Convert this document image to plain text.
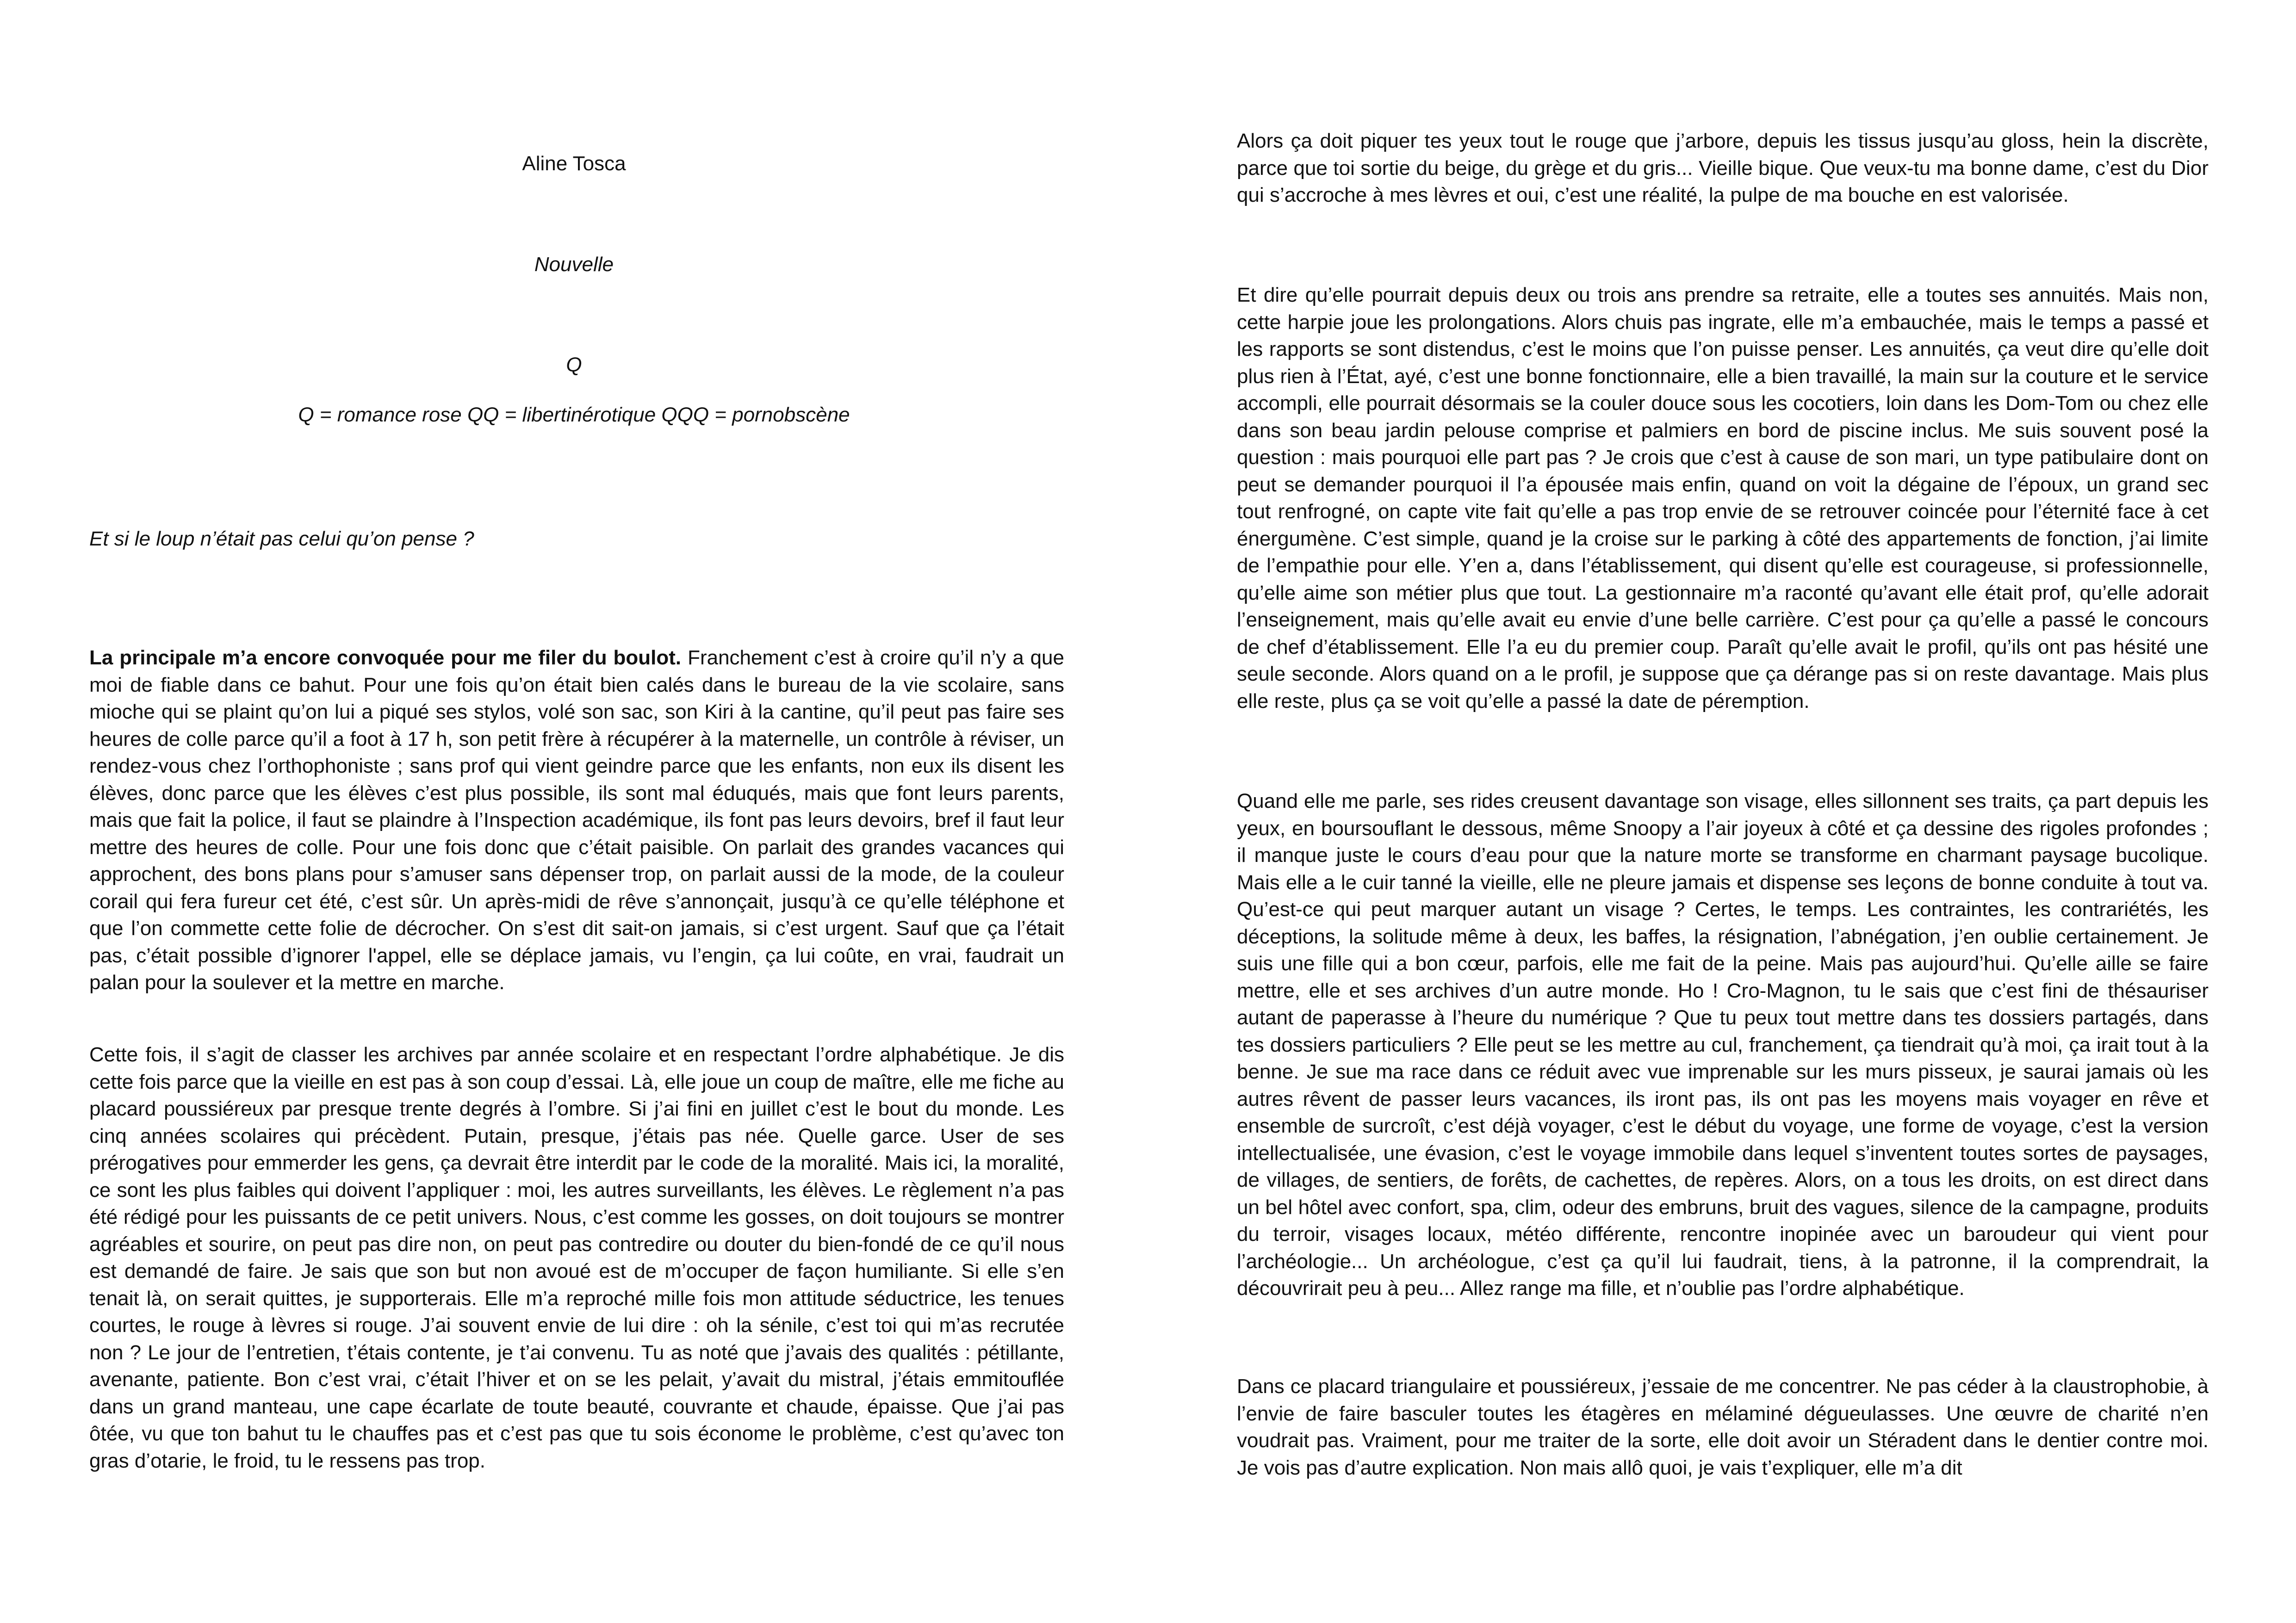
Aline Tosca
Nouvelle
Q
Q = romance rose QQ = libertinérotique QQQ = pornobscène
Et si le loup n’était pas celui qu’on pense ?

La principale m’a encore convoquée pour me filer du boulot. Franchement c’est à croire qu’il n’y a que moi de fiable dans ce bahut. Pour une fois qu’on était bien calés dans le bureau de la vie scolaire, sans mioche qui se plaint qu’on lui a piqué ses stylos, volé son sac, son Kiri à la cantine, qu’il peut pas faire ses heures de colle parce qu’il a foot à 17 h, son petit frère à récupérer à la maternelle, un contrôle à réviser, un rendez-vous chez l’orthophoniste ; sans prof qui vient geindre parce que les enfants, non eux ils disent les élèves, donc parce que les élèves c’est plus possible, ils sont mal éduqués, mais que font leurs parents, mais que fait la police, il faut se plaindre à l’Inspection académique, ils font pas leurs devoirs, bref il faut leur mettre des heures de colle. Pour une fois donc que c’était paisible. On parlait des grandes vacances qui approchent, des bons plans pour s’amuser sans dépenser trop, on parlait aussi de la mode, de la couleur corail qui fera fureur cet été, c’est sûr. Un après-midi de rêve s’annonçait, jusqu’à ce qu’elle téléphone et que l’on commette cette folie de décrocher. On s’est dit sait-on jamais, si c’est urgent. Sauf que ça l’était pas, c’était possible d’ignorer l'appel, elle se déplace jamais, vu l’engin, ça lui coûte, en vrai, faudrait un palan pour la soulever et la mettre en marche.

Cette fois, il s’agit de classer les archives par année scolaire et en respectant l’ordre alphabétique. Je dis cette fois parce que la vieille en est pas à son coup d’essai. Là, elle joue un coup de maître, elle me fiche au placard poussiéreux par presque trente degrés à l’ombre. Si j’ai fini en juillet c’est le bout du monde. Les cinq années scolaires qui précèdent. Putain, presque, j’étais pas née. Quelle garce. User de ses prérogatives pour emmerder les gens, ça devrait être interdit par le code de la moralité. Mais ici, la moralité, ce sont les plus faibles qui doivent l’appliquer : moi, les autres surveillants, les élèves. Le règlement n’a pas été rédigé pour les puissants de ce petit univers. Nous, c’est comme les gosses, on doit toujours se montrer agréables et sourire, on peut pas dire non, on peut pas contredire ou douter du bien-fondé de ce qu’il nous est demandé de faire. Je sais que son but non avoué est de m’occuper de façon humiliante. Si elle s’en tenait là, on serait quittes, je supporterais. Elle m’a reproché mille fois mon attitude séductrice, les tenues courtes, le rouge à lèvres si rouge. J’ai souvent envie de lui dire : oh la sénile, c’est toi qui m’as recrutée non ? Le jour de l’entretien, t’étais contente, je t’ai convenu. Tu as noté que j’avais des qualités : pétillante, avenante, patiente. Bon c’est vrai, c’était l’hiver et on se les pelait, y’avait du mistral, j’étais emmitouflée dans un grand manteau, une cape écarlate de toute beauté, couvrante et chaude, épaisse. Que j’ai pas ôtée, vu que ton bahut tu le chauffes pas et c’est pas que tu sois économe le problème, c’est qu’avec ton gras d’otarie, le froid, tu le ressens pas trop.

Alors ça doit piquer tes yeux tout le rouge que j’arbore, depuis les tissus jusqu’au gloss, hein la discrète, parce que toi sortie du beige, du grège et du gris... Vieille bique. Que veux-tu ma bonne dame, c’est du Dior qui s’accroche à mes lèvres et oui, c’est une réalité, la pulpe de ma bouche en est valorisée.

Et dire qu’elle pourrait depuis deux ou trois ans prendre sa retraite, elle a toutes ses annuités. Mais non, cette harpie joue les prolongations. Alors chuis pas ingrate, elle m’a embauchée, mais le temps a passé et les rapports se sont distendus, c’est le moins que l’on puisse penser. Les annuités, ça veut dire qu’elle doit plus rien à l’État, ayé, c’est une bonne fonctionnaire, elle a bien travaillé, la main sur la couture et le service accompli, elle pourrait désormais se la couler douce sous les cocotiers, loin dans les Dom-Tom ou chez elle dans son beau jardin pelouse comprise et palmiers en bord de piscine inclus. Me suis souvent posé la question : mais pourquoi elle part pas ? Je crois que c’est à cause de son mari, un type patibulaire dont on peut se demander pourquoi il l’a épousée mais enfin, quand on voit la dégaine de l’époux, un grand sec tout renfrogné, on capte vite fait qu’elle a pas trop envie de se retrouver coincée pour l’éternité face à cet énergumène. C’est simple, quand je la croise sur le parking à côté des appartements de fonction, j’ai limite de l’empathie pour elle. Y’en a, dans l’établissement, qui disent qu’elle est courageuse, si professionnelle, qu’elle aime son métier plus que tout. La gestionnaire m’a raconté qu’avant elle était prof, qu’elle adorait l’enseignement, mais qu’elle avait eu envie d’une belle carrière. C’est pour ça qu’elle a passé le concours de chef d’établissement. Elle l’a eu du premier coup. Paraît qu’elle avait le profil, qu’ils ont pas hésité une seule seconde. Alors quand on a le profil, je suppose que ça dérange pas si on reste davantage. Mais plus elle reste, plus ça se voit qu’elle a passé la date de péremption.

Quand elle me parle, ses rides creusent davantage son visage, elles sillonnent ses traits, ça part depuis les yeux, en boursouflant le dessous, même Snoopy a l’air joyeux à côté et ça dessine des rigoles profondes ; il manque juste le cours d’eau pour que la nature morte se transforme en charmant paysage bucolique. Mais elle a le cuir tanné la vieille, elle ne pleure jamais et dispense ses leçons de bonne conduite à tout va. Qu’est-ce qui peut marquer autant un visage ? Certes, le temps. Les contraintes, les contrariétés, les déceptions, la solitude même à deux, les baffes, la résignation, l’abnégation, j’en oublie certainement. Je suis une fille qui a bon cœur, parfois, elle me fait de la peine. Mais pas aujourd’hui. Qu’elle aille se faire mettre, elle et ses archives d’un autre monde. Ho ! Cro-Magnon, tu le sais que c’est fini de thésauriser autant de paperasse à l’heure du numérique ? Que tu peux tout mettre dans tes dossiers partagés, dans tes dossiers particuliers ? Elle peut se les mettre au cul, franchement, ça tiendrait qu’à moi, ça irait tout à la benne. Je sue ma race dans ce réduit avec vue imprenable sur les murs pisseux, je saurai jamais où les autres rêvent de passer leurs vacances, ils iront pas, ils ont pas les moyens mais voyager en rêve et ensemble de surcroît, c’est déjà voyager, c’est le début du voyage, une forme de voyage, c’est la version intellectualisée, une évasion, c’est le voyage immobile dans lequel s’inventent toutes sortes de paysages, de villages, de sentiers, de forêts, de cachettes, de repères. Alors, on a tous les droits, on est direct dans un bel hôtel avec confort, spa, clim, odeur des embruns, bruit des vagues, silence de la campagne, produits du terroir, visages locaux, météo différente, rencontre inopinée avec un baroudeur qui vient pour l’archéologie... Un archéologue, c’est ça qu’il lui faudrait, tiens, à la patronne, il la comprendrait, la découvrirait peu à peu... Allez range ma fille, et n’oublie pas l’ordre alphabétique.

Dans ce placard triangulaire et poussiéreux, j’essaie de me concentrer. Ne pas céder à la claustrophobie, à l’envie de faire basculer toutes les étagères en mélaminé dégueulasses. Une œuvre de charité n’en voudrait pas. Vraiment, pour me traiter de la sorte, elle doit avoir un Stéradent dans le dentier contre moi. Je vois pas d’autre explication. Non mais allô quoi, je vais t’expliquer, elle m’a dit
